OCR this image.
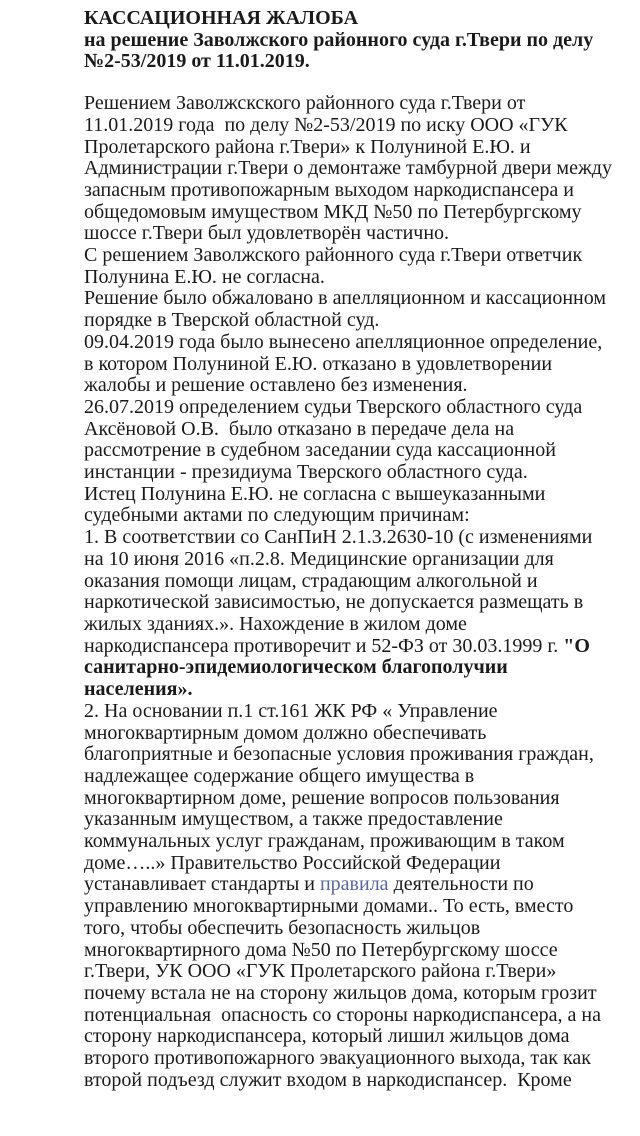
КАССАЦИОННАЯ ЖАЛОБА

на решение Заволжского районного суда г.Твери по делу №2-53/2019 от 11.01.2019.

Решением Заволжскского районного суда г.Твери от 11.01.2019 года  по делу №2-53/2019 по иску ООО «ГУК Пролетарского района г.Твери» к Полуниной Е.Ю. и Администрации г.Твери о демонтаже тамбурной двери между запасным противопожарным выходом наркодиспансера и  общедомовым имуществом МКД №50 по Петербургскому шоссе г.Твери был удовлетворён частично.

С решением Заволжского районного суда г.Твери ответчик Полунина Е.Ю. не согласна.

Решение было обжаловано в апелляционном и кассационном порядке в Тверской областной суд.

09.04.2019 года было вынесено апелляционное определение, в котором Полуниной Е.Ю. отказано в удовлетворении жалобы и решение оставлено без изменения.

26.07.2019 определением судьи Тверского областного суда Аксёновой О.В.  было отказано в передаче дела на рассмотрение в судебном заседании суда кассационной инстанции - президиума Тверского областного суда.

Истец Полунина Е.Ю. не согласна с вышеуказанными судебными актами по следующим причинам:

1. В соответствии со СанПиН 2.1.3.2630-10 (с изменениями на 10 июня 2016 «п.2.8. Медицинские организации для оказания помощи лицам, страдающим алкогольной и наркотической зависимостью, не допускается размещать в жилых зданиях.». Нахождение в жилом доме наркодиспансера противоречит и 52-ФЗ от 30.03.1999 г. "О санитарно-эпидемиологическом благополучии населения».

2. На основании п.1 ст.161 ЖК РФ « Управление многоквартирным домом должно обеспечивать благоприятные и безопасные условия проживания граждан, надлежащее содержание общего имущества в многоквартирном доме, решение вопросов пользования указанным имуществом, а также предоставление коммунальных услуг гражданам, проживающим в таком доме…..» Правительство Российской Федерации устанавливает стандарты и правила деятельности по управлению многоквартирными домами.. То есть, вместо того, чтобы обеспечить безопасность жильцов многоквартирного дома №50 по Петербургскому шоссе г.Твери, УК ООО «ГУК Пролетарского района г.Твери» почему встала не на сторону жильцов дома, которым грозит потенциальная  опасность со стороны наркодиспансера, а на сторону наркодиспансера, который лишил жильцов дома второго противопожарного эвакуационного выхода, так как второй подъезд служит входом в наркодиспансер.  Кроме
